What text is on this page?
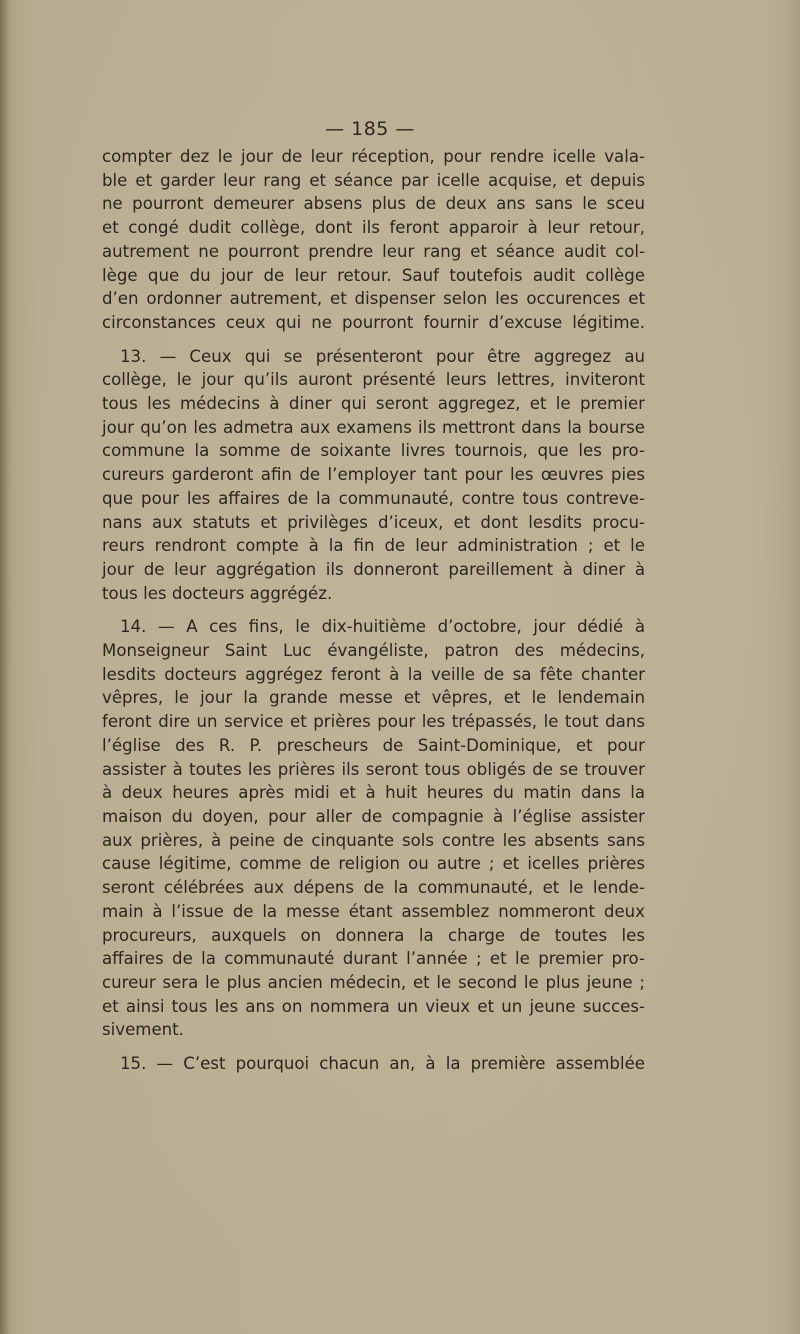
— 185 —
compter dez le jour de leur réception, pour rendre icelle vala-
ble et garder leur rang et séance par icelle acquise, et depuis
ne pourront demeurer absens plus de deux ans sans le sceu
et congé dudit collège, dont ils feront apparoir à leur retour,
autrement ne pourront prendre leur rang et séance audit col-
lège que du jour de leur retour. Sauf toutefois audit collège
d’en ordonner autrement, et dispenser selon les occurences et
circonstances ceux qui ne pourront fournir d’excuse légitime.
13. — Ceux qui se présenteront pour être aggregez au
collège, le jour qu’ils auront présenté leurs lettres, inviteront
tous les médecins à diner qui seront aggregez, et le premier
jour qu’on les admetra aux examens ils mettront dans la bourse
commune la somme de soixante livres tournois, que les pro-
cureurs garderont afin de l’employer tant pour les œuvres pies
que pour les affaires de la communauté, contre tous contreve-
nans aux statuts et privilèges d’iceux, et dont lesdits procu-
reurs rendront compte à la fin de leur administration ; et le
jour de leur aggrégation ils donneront pareillement à diner à
tous les docteurs aggrégéz.
14. — A ces fins, le dix-huitième d’octobre, jour dédié à
Monseigneur Saint Luc évangéliste, patron des médecins,
lesdits docteurs aggrégez feront à la veille de sa fête chanter
vêpres, le jour la grande messe et vêpres, et le lendemain
feront dire un service et prières pour les trépassés, le tout dans
l’église des R. P. prescheurs de Saint-Dominique, et pour
assister à toutes les prières ils seront tous obligés de se trouver
à deux heures après midi et à huit heures du matin dans la
maison du doyen, pour aller de compagnie à l’église assister
aux prières, à peine de cinquante sols contre les absents sans
cause légitime, comme de religion ou autre ; et icelles prières
seront célébrées aux dépens de la communauté, et le lende-
main à l’issue de la messe étant assemblez nommeront deux
procureurs, auxquels on donnera la charge de toutes les
affaires de la communauté durant l’année ; et le premier pro-
cureur sera le plus ancien médecin, et le second le plus jeune ;
et ainsi tous les ans on nommera un vieux et un jeune succes-
sivement.
15. — C’est pourquoi chacun an, à la première assemblée
